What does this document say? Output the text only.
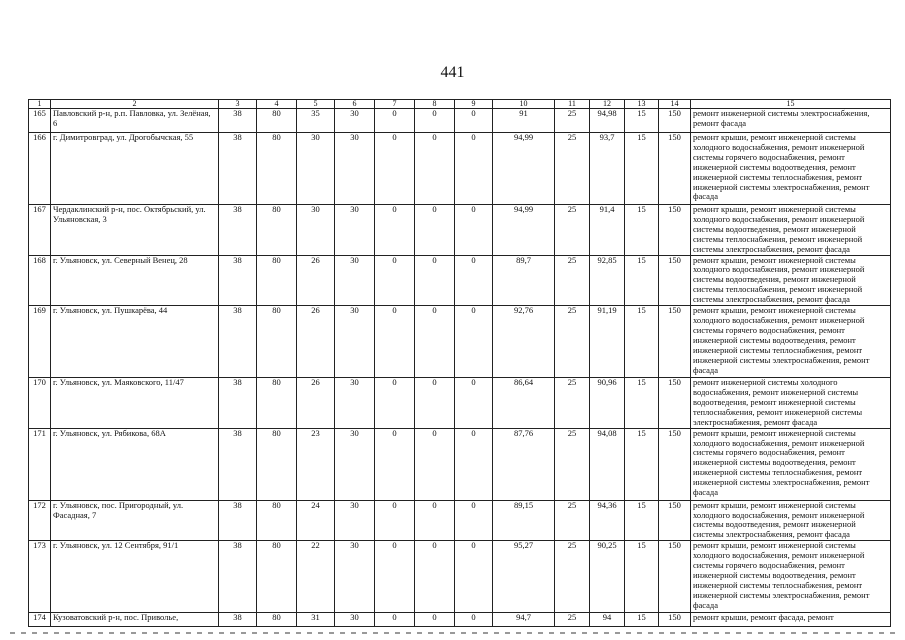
441
1	2	3	4	5	6	7	8	9	10	11	12	13	14	15
165	Павловский р-н, р.п. Павловка, ул. Зелёная, 6	38	80	35	30	0	0	0	91	25	94,98	15	150	ремонт инженерной системы электроснабжения, ремонт фасада
166	г. Димитровград, ул. Дрогобычская, 55	38	80	30	30	0	0	0	94,99	25	93,7	15	150	ремонт крыши, ремонт инженерной системы холодного водоснабжения, ремонт инженерной системы горячего водоснабжения, ремонт инженерной системы водоотведения, ремонт инженерной системы теплоснабжения, ремонт инженерной системы электроснабжения, ремонт фасада
167	Чердаклинский р-н, пос. Октябрьский, ул. Ульяновская, 3	38	80	30	30	0	0	0	94,99	25	91,4	15	150	ремонт крыши, ремонт инженерной системы холодного водоснабжения, ремонт инженерной системы водоотведения, ремонт инженерной системы теплоснабжения, ремонт инженерной системы электроснабжения, ремонт фасада
168	г. Ульяновск, ул. Северный Венец, 28	38	80	26	30	0	0	0	89,7	25	92,85	15	150	ремонт крыши, ремонт инженерной системы холодного водоснабжения, ремонт инженерной системы водоотведения, ремонт инженерной системы теплоснабжения, ремонт инженерной системы электроснабжения, ремонт фасада
169	г. Ульяновск, ул. Пушкарёва, 44	38	80	26	30	0	0	0	92,76	25	91,19	15	150	ремонт крыши, ремонт инженерной системы холодного водоснабжения, ремонт инженерной системы горячего водоснабжения, ремонт инженерной системы водоотведения, ремонт инженерной системы теплоснабжения, ремонт инженерной системы электроснабжения, ремонт фасада
170	г. Ульяновск, ул. Маяковского, 11/47	38	80	26	30	0	0	0	86,64	25	90,96	15	150	ремонт инженерной системы холодного водоснабжения, ремонт инженерной системы водоотведения, ремонт инженерной системы теплоснабжения, ремонт инженерной системы электроснабжения, ремонт фасада
171	г. Ульяновск, ул. Рябикова, 68А	38	80	23	30	0	0	0	87,76	25	94,08	15	150	ремонт крыши, ремонт инженерной системы холодного водоснабжения, ремонт инженерной системы горячего водоснабжения, ремонт инженерной системы водоотведения, ремонт инженерной системы теплоснабжения, ремонт инженерной системы электроснабжения, ремонт фасада
172	г. Ульяновск, пос. Пригородный, ул. Фасадная, 7	38	80	24	30	0	0	0	89,15	25	94,36	15	150	ремонт крыши, ремонт инженерной системы холодного водоснабжения, ремонт инженерной системы водоотведения, ремонт инженерной системы электроснабжения, ремонт фасада
173	г. Ульяновск, ул. 12 Сентября, 91/1	38	80	22	30	0	0	0	95,27	25	90,25	15	150	ремонт крыши, ремонт инженерной системы холодного водоснабжения, ремонт инженерной системы горячего водоснабжения, ремонт инженерной системы водоотведения, ремонт инженерной системы теплоснабжения, ремонт инженерной системы электроснабжения, ремонт фасада
174	Кузоватовский р-н, пос. Приволье,	38	80	31	30	0	0	0	94,7	25	94	15	150	ремонт крыши, ремонт фасада, ремонт
